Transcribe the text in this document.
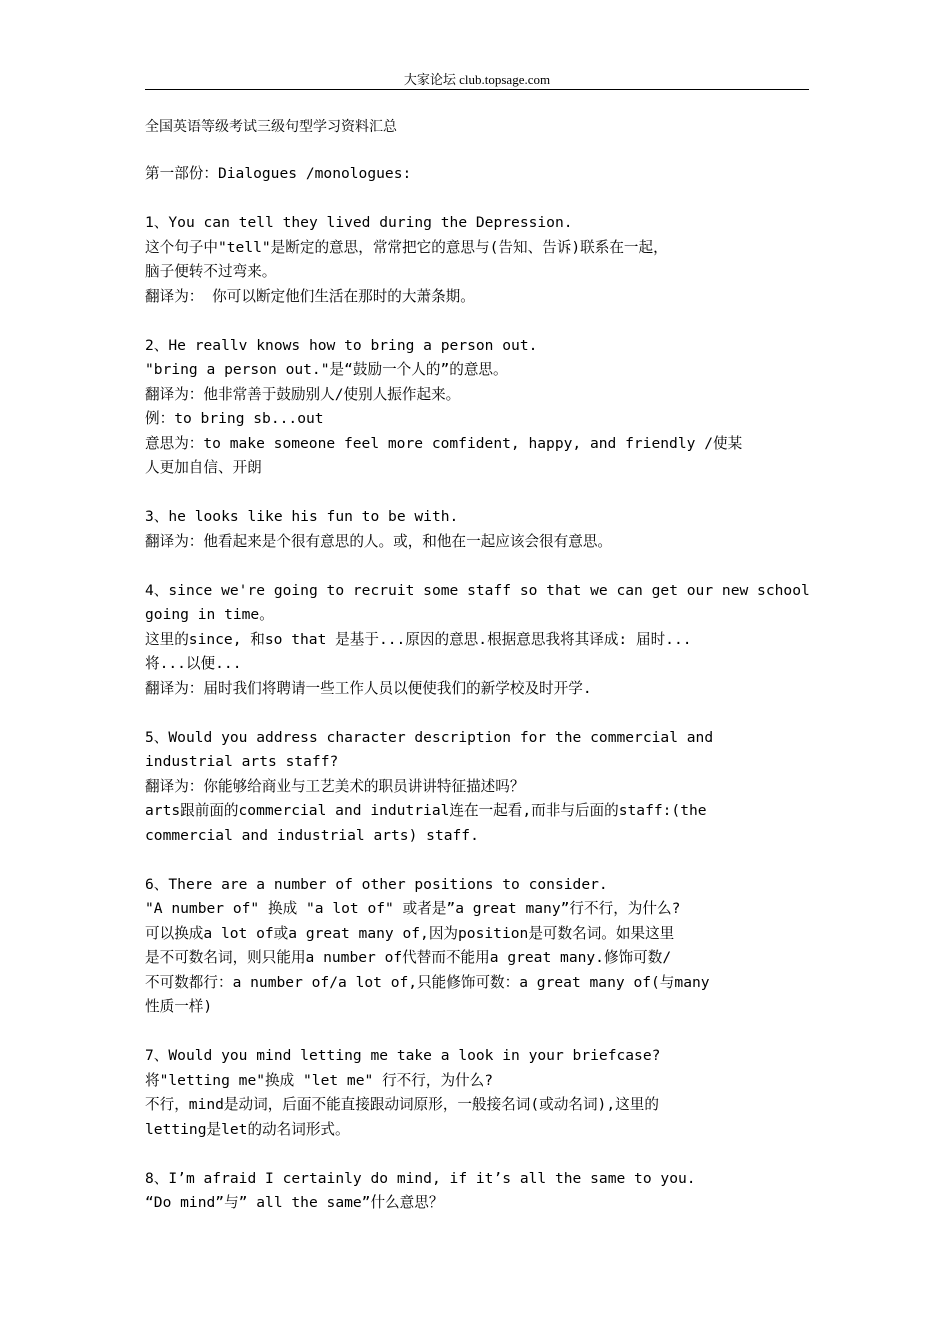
大家论坛 club.topsage.com
全国英语等级考试三级句型学习资料汇总
第一部份：Dialogues /monologues:
1、You can tell they lived during the Depression.
这个句子中"tell"是断定的意思，常常把它的意思与(告知、告诉)联系在一起，
脑子便转不过弯来。
翻译为： 你可以断定他们生活在那时的大萧条期。
2、He reallv knows how to bring a person out.
"bring a person out."是“鼓励一个人的”的意思。
翻译为：他非常善于鼓励别人/使别人振作起来。
例：to bring sb...out
意思为：to make someone feel more comfident, happy, and friendly /使某
人更加自信、开朗
3、he looks like his fun to be with.
翻译为：他看起来是个很有意思的人。或，和他在一起应该会很有意思。
4、since we're going to recruit some staff so that we can get our new school
going in time。
这里的since, 和so that 是基于...原因的意思.根据意思我将其译成: 届时...
将...以便...
翻译为：届时我们将聘请一些工作人员以便使我们的新学校及时开学.
5、Would you address character description for the commercial and
industrial arts staff?
翻译为：你能够给商业与工艺美术的职员讲讲特征描述吗？
arts跟前面的commercial and indutrial连在一起看,而非与后面的staff:(the
commercial and industrial arts) staff.
6、There are a number of other positions to consider.
"A number of" 换成 "a lot of" 或者是”a great many”行不行，为什么?
可以换成a lot of或a great many of,因为position是可数名词。如果这里
是不可数名词，则只能用a number of代替而不能用a great many.修饰可数/
不可数都行：a number of/a lot of,只能修饰可数：a great many of(与many
性质一样)
7、Would you mind letting me take a look in your briefcase?
将"letting me"换成 "let me" 行不行，为什么?
不行，mind是动词，后面不能直接跟动词原形，一般接名词(或动名词),这里的
letting是let的动名词形式。
8、I’m afraid I certainly do mind, if it’s all the same to you.
“Do mind”与” all the same”什么意思？
